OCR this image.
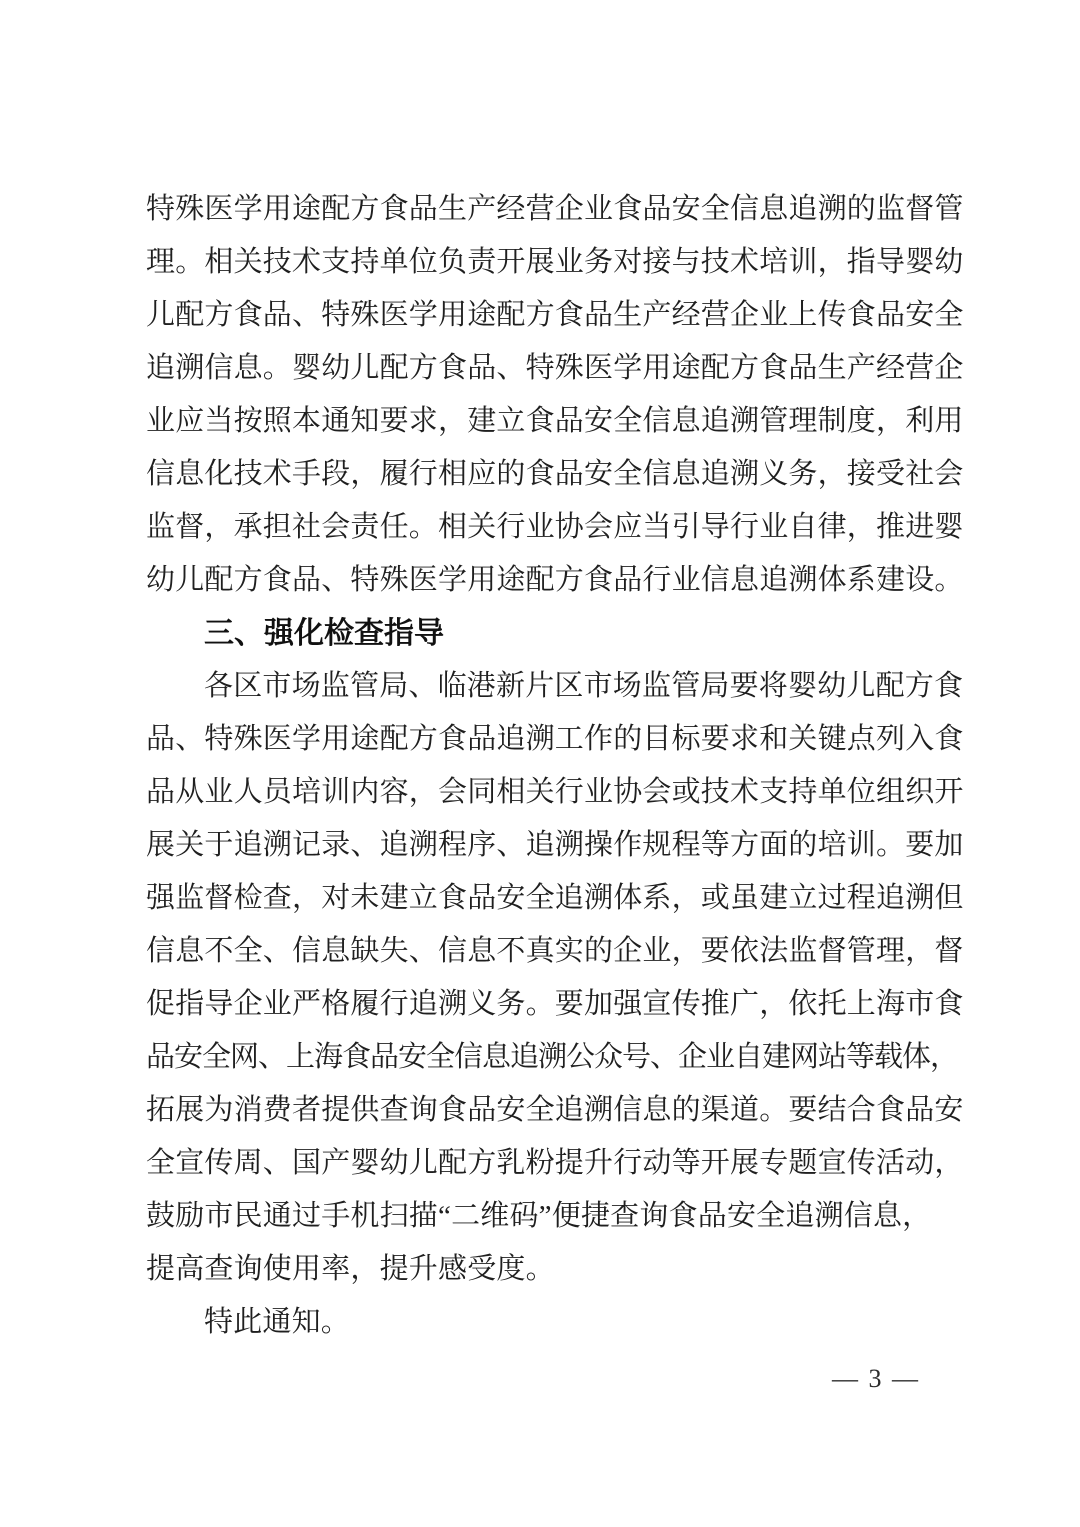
特殊医学用途配方食品生产经营企业食品安全信息追溯的监督管
理。相关技术支持单位负责开展业务对接与技术培训，指导婴幼
儿配方食品、特殊医学用途配方食品生产经营企业上传食品安全
追溯信息。婴幼儿配方食品、特殊医学用途配方食品生产经营企
业应当按照本通知要求，建立食品安全信息追溯管理制度，利用
信息化技术手段，履行相应的食品安全信息追溯义务，接受社会
监督，承担社会责任。相关行业协会应当引导行业自律，推进婴
幼儿配方食品、特殊医学用途配方食品行业信息追溯体系建设。
三、强化检查指导
各区市场监管局、临港新片区市场监管局要将婴幼儿配方食
品、特殊医学用途配方食品追溯工作的目标要求和关键点列入食
品从业人员培训内容，会同相关行业协会或技术支持单位组织开
展关于追溯记录、追溯程序、追溯操作规程等方面的培训。要加
强监督检查，对未建立食品安全追溯体系，或虽建立过程追溯但
信息不全、信息缺失、信息不真实的企业，要依法监督管理，督
促指导企业严格履行追溯义务。要加强宣传推广，依托上海市食
品安全网、上海食品安全信息追溯公众号、企业自建网站等载体，
拓展为消费者提供查询食品安全追溯信息的渠道。要结合食品安
全宣传周、国产婴幼儿配方乳粉提升行动等开展专题宣传活动，
鼓励市民通过手机扫描“二维码”便捷查询食品安全追溯信息，
提高查询使用率，提升感受度。
特此通知。
— 3 —
